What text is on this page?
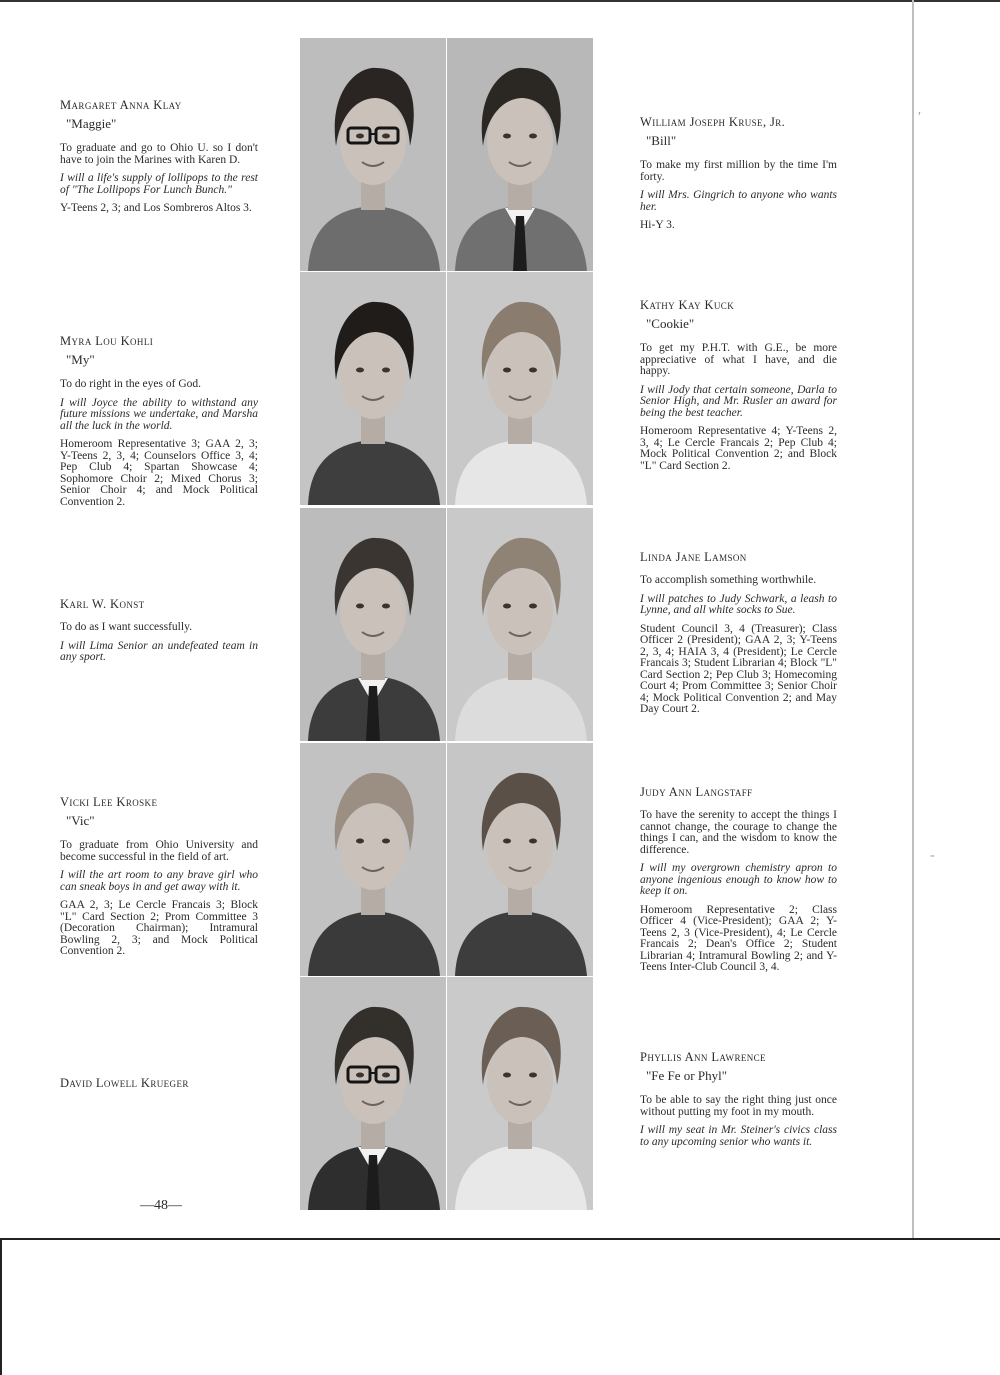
′
-
Margaret Anna Klay
"Maggie"

To graduate and go to Ohio U. so I don't have to join the Marines with Karen D.

I will a life's supply of lollipops to the rest of "The Lollipops For Lunch Bunch."

Y-Teens 2, 3; and Los Sombreros Altos 3.

Myra Lou Kohli
"My"

To do right in the eyes of God.

I will Joyce the ability to withstand any future missions we undertake, and Marsha all the luck in the world.

Homeroom Representative 3; GAA 2, 3; Y-Teens 2, 3, 4; Counselors Office 3, 4; Pep Club 4; Spartan Showcase 4; Sophomore Choir 2; Mixed Chorus 3; Senior Choir 4; and Mock Political Convention 2.

Karl W. Konst

To do as I want successfully.

I will Lima Senior an undefeated team in any sport.

Vicki Lee Kroske
"Vic"

To graduate from Ohio University and become successful in the field of art.

I will the art room to any brave girl who can sneak boys in and get away with it.

GAA 2, 3; Le Cercle Francais 3; Block "L" Card Section 2; Prom Committee 3 (Decoration Chairman); Intramural Bowling 2, 3; and Mock Political Convention 2.

David Lowell Krueger
William Joseph Kruse, Jr.
"Bill"

To make my first million by the time I'm forty.

I will Mrs. Gingrich to anyone who wants her.

Hi-Y 3.

Kathy Kay Kuck
"Cookie"

To get my P.H.T. with G.E., be more appreciative of what I have, and die happy.

I will Jody that certain someone, Darla to Senior High, and Mr. Rusler an award for being the best teacher.

Homeroom Representative 4; Y-Teens 2, 3, 4; Le Cercle Francais 2; Pep Club 4; Mock Political Convention 2; and Block "L" Card Section 2.

Linda Jane Lamson

To accomplish something worthwhile.

I will patches to Judy Schwark, a leash to Lynne, and all white socks to Sue.

Student Council 3, 4 (Treasurer); Class Officer 2 (President); GAA 2, 3; Y-Teens 2, 3, 4; HAIA 3, 4 (President); Le Cercle Francais 3; Student Librarian 4; Block "L" Card Section 2; Pep Club 3; Homecoming Court 4; Prom Committee 3; Senior Choir 4; Mock Political Convention 2; and May Day Court 2.

Judy Ann Langstaff

To have the serenity to accept the things I cannot change, the courage to change the things I can, and the wisdom to know the difference.

I will my overgrown chemistry apron to anyone ingenious enough to know how to keep it on.

Homeroom Representative 2; Class Officer 4 (Vice-President); GAA 2; Y-Teens 2, 3 (Vice-President), 4; Le Cercle Francais 2; Dean's Office 2; Student Librarian 4; Intramural Bowling 2; and Y-Teens Inter-Club Council 3, 4.

Phyllis Ann Lawrence
"Fe Fe or Phyl"

To be able to say the right thing just once without putting my foot in my mouth.

I will my seat in Mr. Steiner's civics class to any upcoming senior who wants it.

—48—
